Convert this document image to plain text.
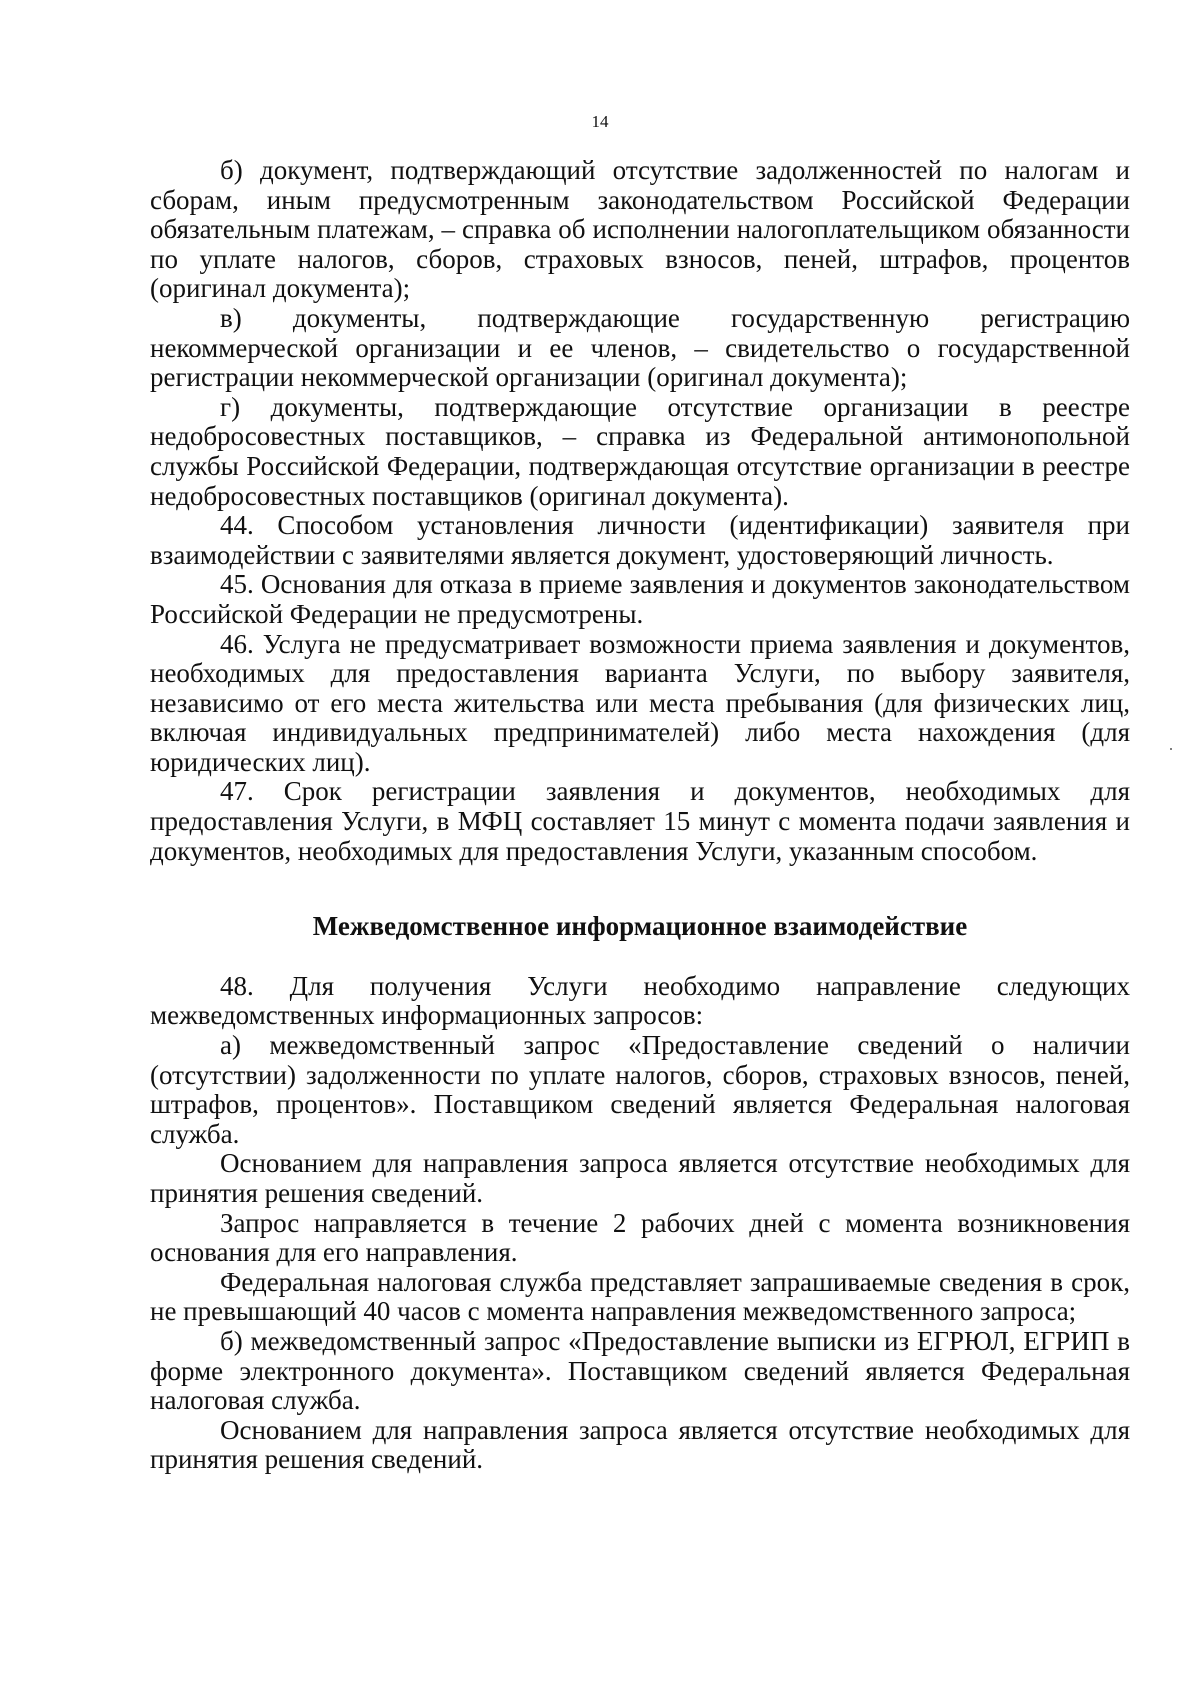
14

б) документ, подтверждающий отсутствие задолженностей по налогам и сборам, иным предусмотренным законодательством Российской Федерации обязательным платежам, – справка об исполнении налогоплательщиком обязанности по уплате налогов, сборов, страховых взносов, пеней, штрафов, процентов (оригинал документа);

в) документы, подтверждающие государственную регистрацию некоммерческой организации и ее членов, – свидетельство о государственной регистрации некоммерческой организации (оригинал документа);

г) документы, подтверждающие отсутствие организации в реестре недобросовестных поставщиков, – справка из Федеральной антимонопольной службы Российской Федерации, подтверждающая отсутствие организации в реестре недобросовестных поставщиков (оригинал документа).

44. Способом установления личности (идентификации) заявителя при взаимодействии с заявителями является документ, удостоверяющий личность.

45. Основания для отказа в приеме заявления и документов законодательством Российской Федерации не предусмотрены.

46. Услуга не предусматривает возможности приема заявления и документов, необходимых для предоставления варианта Услуги, по выбору заявителя, независимо от его места жительства или места пребывания (для физических лиц, включая индивидуальных предпринимателей) либо места нахождения (для юридических лиц).

47. Срок регистрации заявления и документов, необходимых для предоставления Услуги, в МФЦ составляет 15 минут с момента подачи заявления и документов, необходимых для предоставления Услуги, указанным способом.

Межведомственное информационное взаимодействие

48. Для получения Услуги необходимо направление следующих межведомственных информационных запросов:

а) межведомственный запрос «Предоставление сведений о наличии (отсутствии) задолженности по уплате налогов, сборов, страховых взносов, пеней, штрафов, процентов». Поставщиком сведений является Федеральная налоговая служба.

Основанием для направления запроса является отсутствие необходимых для принятия решения сведений.

Запрос направляется в течение 2 рабочих дней с момента возникновения основания для его направления.

Федеральная налоговая служба представляет запрашиваемые сведения в срок, не превышающий 40 часов с момента направления межведомственного запроса;

б) межведомственный запрос «Предоставление выписки из ЕГРЮЛ, ЕГРИП в форме электронного документа». Поставщиком сведений является Федеральная налоговая служба.

Основанием для направления запроса является отсутствие необходимых для принятия решения сведений.
